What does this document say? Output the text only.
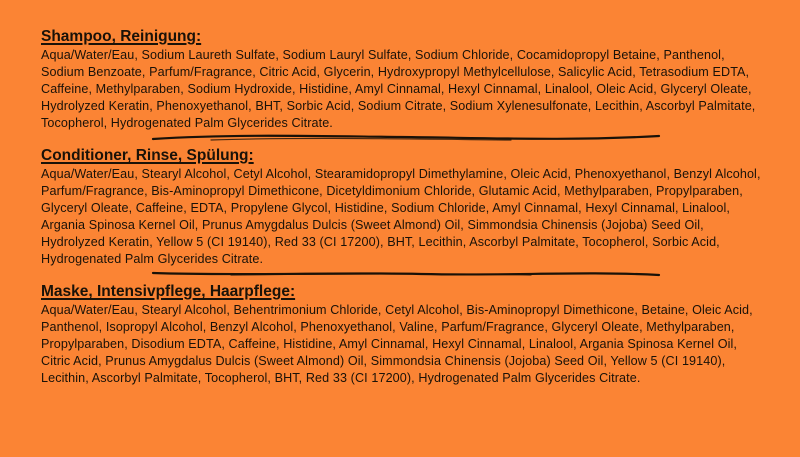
Shampoo, Reinigung:

Aqua/Water/Eau, Sodium Laureth Sulfate, Sodium Lauryl Sulfate, Sodium Chloride, Cocamidopropyl Betaine, Panthenol, Sodium Benzoate, Parfum/Fragrance, Citric Acid, Glycerin, Hydroxypropyl Methylcellulose, Salicylic Acid, Tetrasodium EDTA, Caffeine, Methylparaben, Sodium Hydroxide, Histidine, Amyl Cinnamal, Hexyl Cinnamal, Linalool, Oleic Acid, Glyceryl Oleate, Hydrolyzed Keratin, Phenoxyethanol, BHT, Sorbic Acid, Sodium Citrate, Sodium Xylenesulfonate, Lecithin, Ascorbyl Palmitate, Tocopherol, Hydrogenated Palm Glycerides Citrate.

Conditioner, Rinse, Spülung:

Aqua/Water/Eau, Stearyl Alcohol, Cetyl Alcohol, Stearamidopropyl Dimethylamine, Oleic Acid, Phenoxyethanol, Benzyl Alcohol, Parfum/Fragrance, Bis-Aminopropyl Dimethicone, Dicetyldimonium Chloride, Glutamic Acid, Methylparaben, Propylparaben, Glyceryl Oleate, Caffeine, EDTA, Propylene Glycol, Histidine, Sodium Chloride, Amyl Cinnamal, Hexyl Cinnamal, Linalool, Argania Spinosa Kernel Oil, Prunus Amygdalus Dulcis (Sweet Almond) Oil, Simmondsia Chinensis (Jojoba) Seed Oil, Hydrolyzed Keratin, Yellow 5 (CI 19140), Red 33 (CI 17200), BHT, Lecithin, Ascorbyl Palmitate, Tocopherol, Sorbic Acid, Hydrogenated Palm Glycerides Citrate.

Maske, Intensivpflege, Haarpflege:

Aqua/Water/Eau, Stearyl Alcohol, Behentrimonium Chloride, Cetyl Alcohol, Bis-Aminopropyl Dimethicone, Betaine, Oleic Acid, Panthenol, Isopropyl Alcohol, Benzyl Alcohol, Phenoxyethanol, Valine, Parfum/Fragrance, Glyceryl Oleate, Methylparaben, Propylparaben, Disodium EDTA, Caffeine, Histidine, Amyl Cinnamal, Hexyl Cinnamal, Linalool, Argania Spinosa Kernel Oil, Citric Acid, Prunus Amygdalus Dulcis (Sweet Almond) Oil, Simmondsia Chinensis (Jojoba) Seed Oil, Yellow 5 (CI 19140), Lecithin, Ascorbyl Palmitate, Tocopherol, BHT, Red 33 (CI 17200), Hydrogenated Palm Glycerides Citrate.
